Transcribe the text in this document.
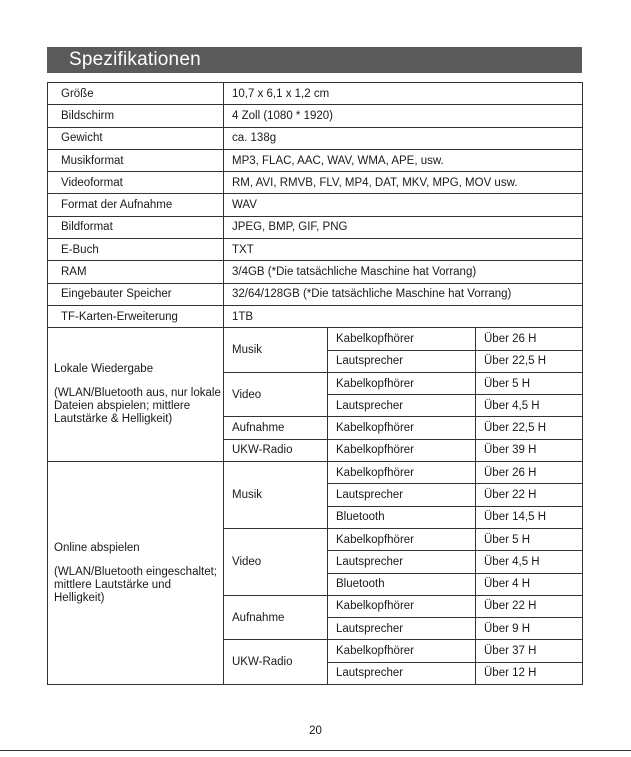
Spezifikationen
Größe	10,7 x 6,1 x 1,2 cm		
Bildschirm	4 Zoll (1080 * 1920)		
Gewicht	ca. 138g		
Musikformat	MP3, FLAC, AAC, WAV, WMA, APE, usw.		
Videoformat	RM, AVI, RMVB, FLV, MP4, DAT, MKV, MPG, MOV usw.		
Format der Aufnahme	WAV		
Bildformat	JPEG, BMP, GIF, PNG		
E-Buch	TXT		
RAM	3/4GB (*Die tatsächliche Maschine hat Vorrang)		
Eingebauter Speicher	32/64/128GB (*Die tatsächliche Maschine hat Vorrang)		
TF-Karten-Erweiterung	1TB		

Lokale Wiedergabe

(WLAN/Bluetooth aus, nur lokale Dateien abspielen; mittlere Lautstärke & Helligkeit)	Musik	Kabelkopfhörer	Über 26 H
		Lautsprecher	Über 22,5 H
	Video	Kabelkopfhörer	Über 5 H
		Lautsprecher	Über 4,5 H
	Aufnahme	Kabelkopfhörer	Über 22,5 H
	UKW-Radio	Kabelkopfhörer	Über 39 H

Online abspielen

(WLAN/Bluetooth eingeschaltet; mittlere Lautstärke und Helligkeit)	Musik	Kabelkopfhörer	Über 26 H
		Lautsprecher	Über 22 H
		Bluetooth	Über 14,5 H
	Video	Kabelkopfhörer	Über 5 H
		Lautsprecher	Über 4,5 H
		Bluetooth	Über 4 H
	Aufnahme	Kabelkopfhörer	Über 22 H
		Lautsprecher	Über 9 H
	UKW-Radio	Kabelkopfhörer	Über 37 H
		Lautsprecher	Über 12 H
20
